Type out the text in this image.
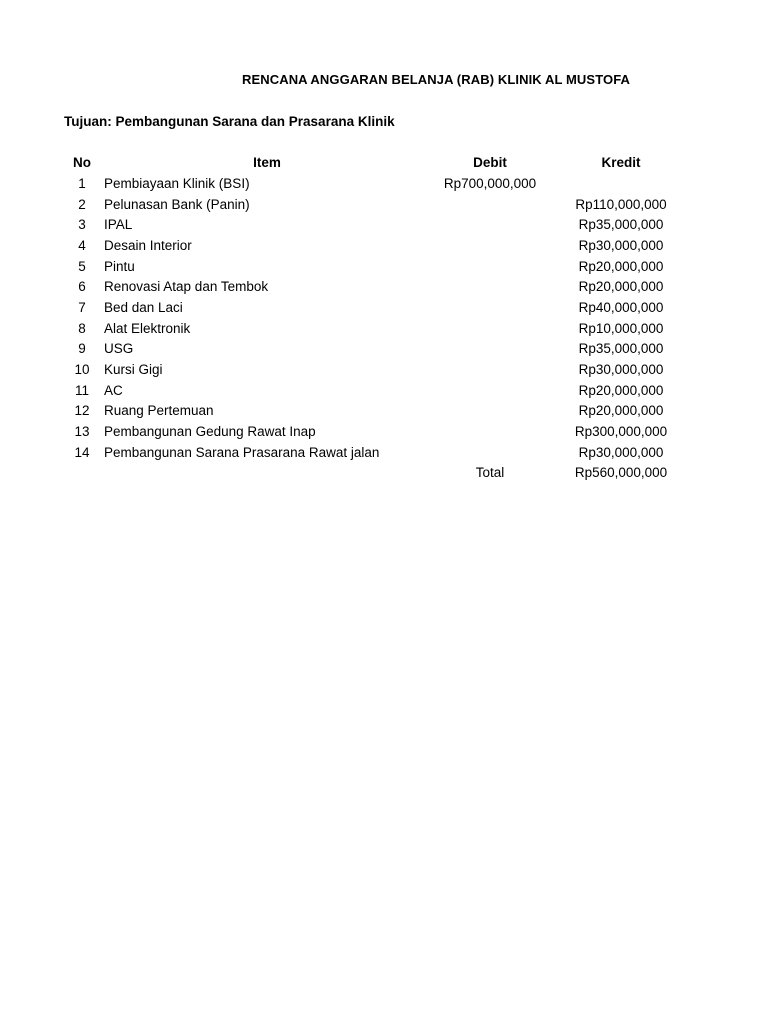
RENCANA ANGGARAN BELANJA (RAB) KLINIK AL MUSTOFA
Tujuan: Pembangunan Sarana dan Prasarana Klinik
No	Item	Debit	Kredit
1	Pembiayaan Klinik (BSI)	Rp700,000,000	
2	Pelunasan Bank (Panin)		Rp110,000,000
3	IPAL		Rp35,000,000
4	Desain Interior		Rp30,000,000
5	Pintu		Rp20,000,000
6	Renovasi Atap dan Tembok		Rp20,000,000
7	Bed dan Laci		Rp40,000,000
8	Alat Elektronik		Rp10,000,000
9	USG		Rp35,000,000
10	Kursi Gigi		Rp30,000,000
11	AC		Rp20,000,000
12	Ruang Pertemuan		Rp20,000,000
13	Pembangunan Gedung Rawat Inap		Rp300,000,000
14	Pembangunan Sarana Prasarana Rawat jalan		Rp30,000,000
		Total	Rp560,000,000
